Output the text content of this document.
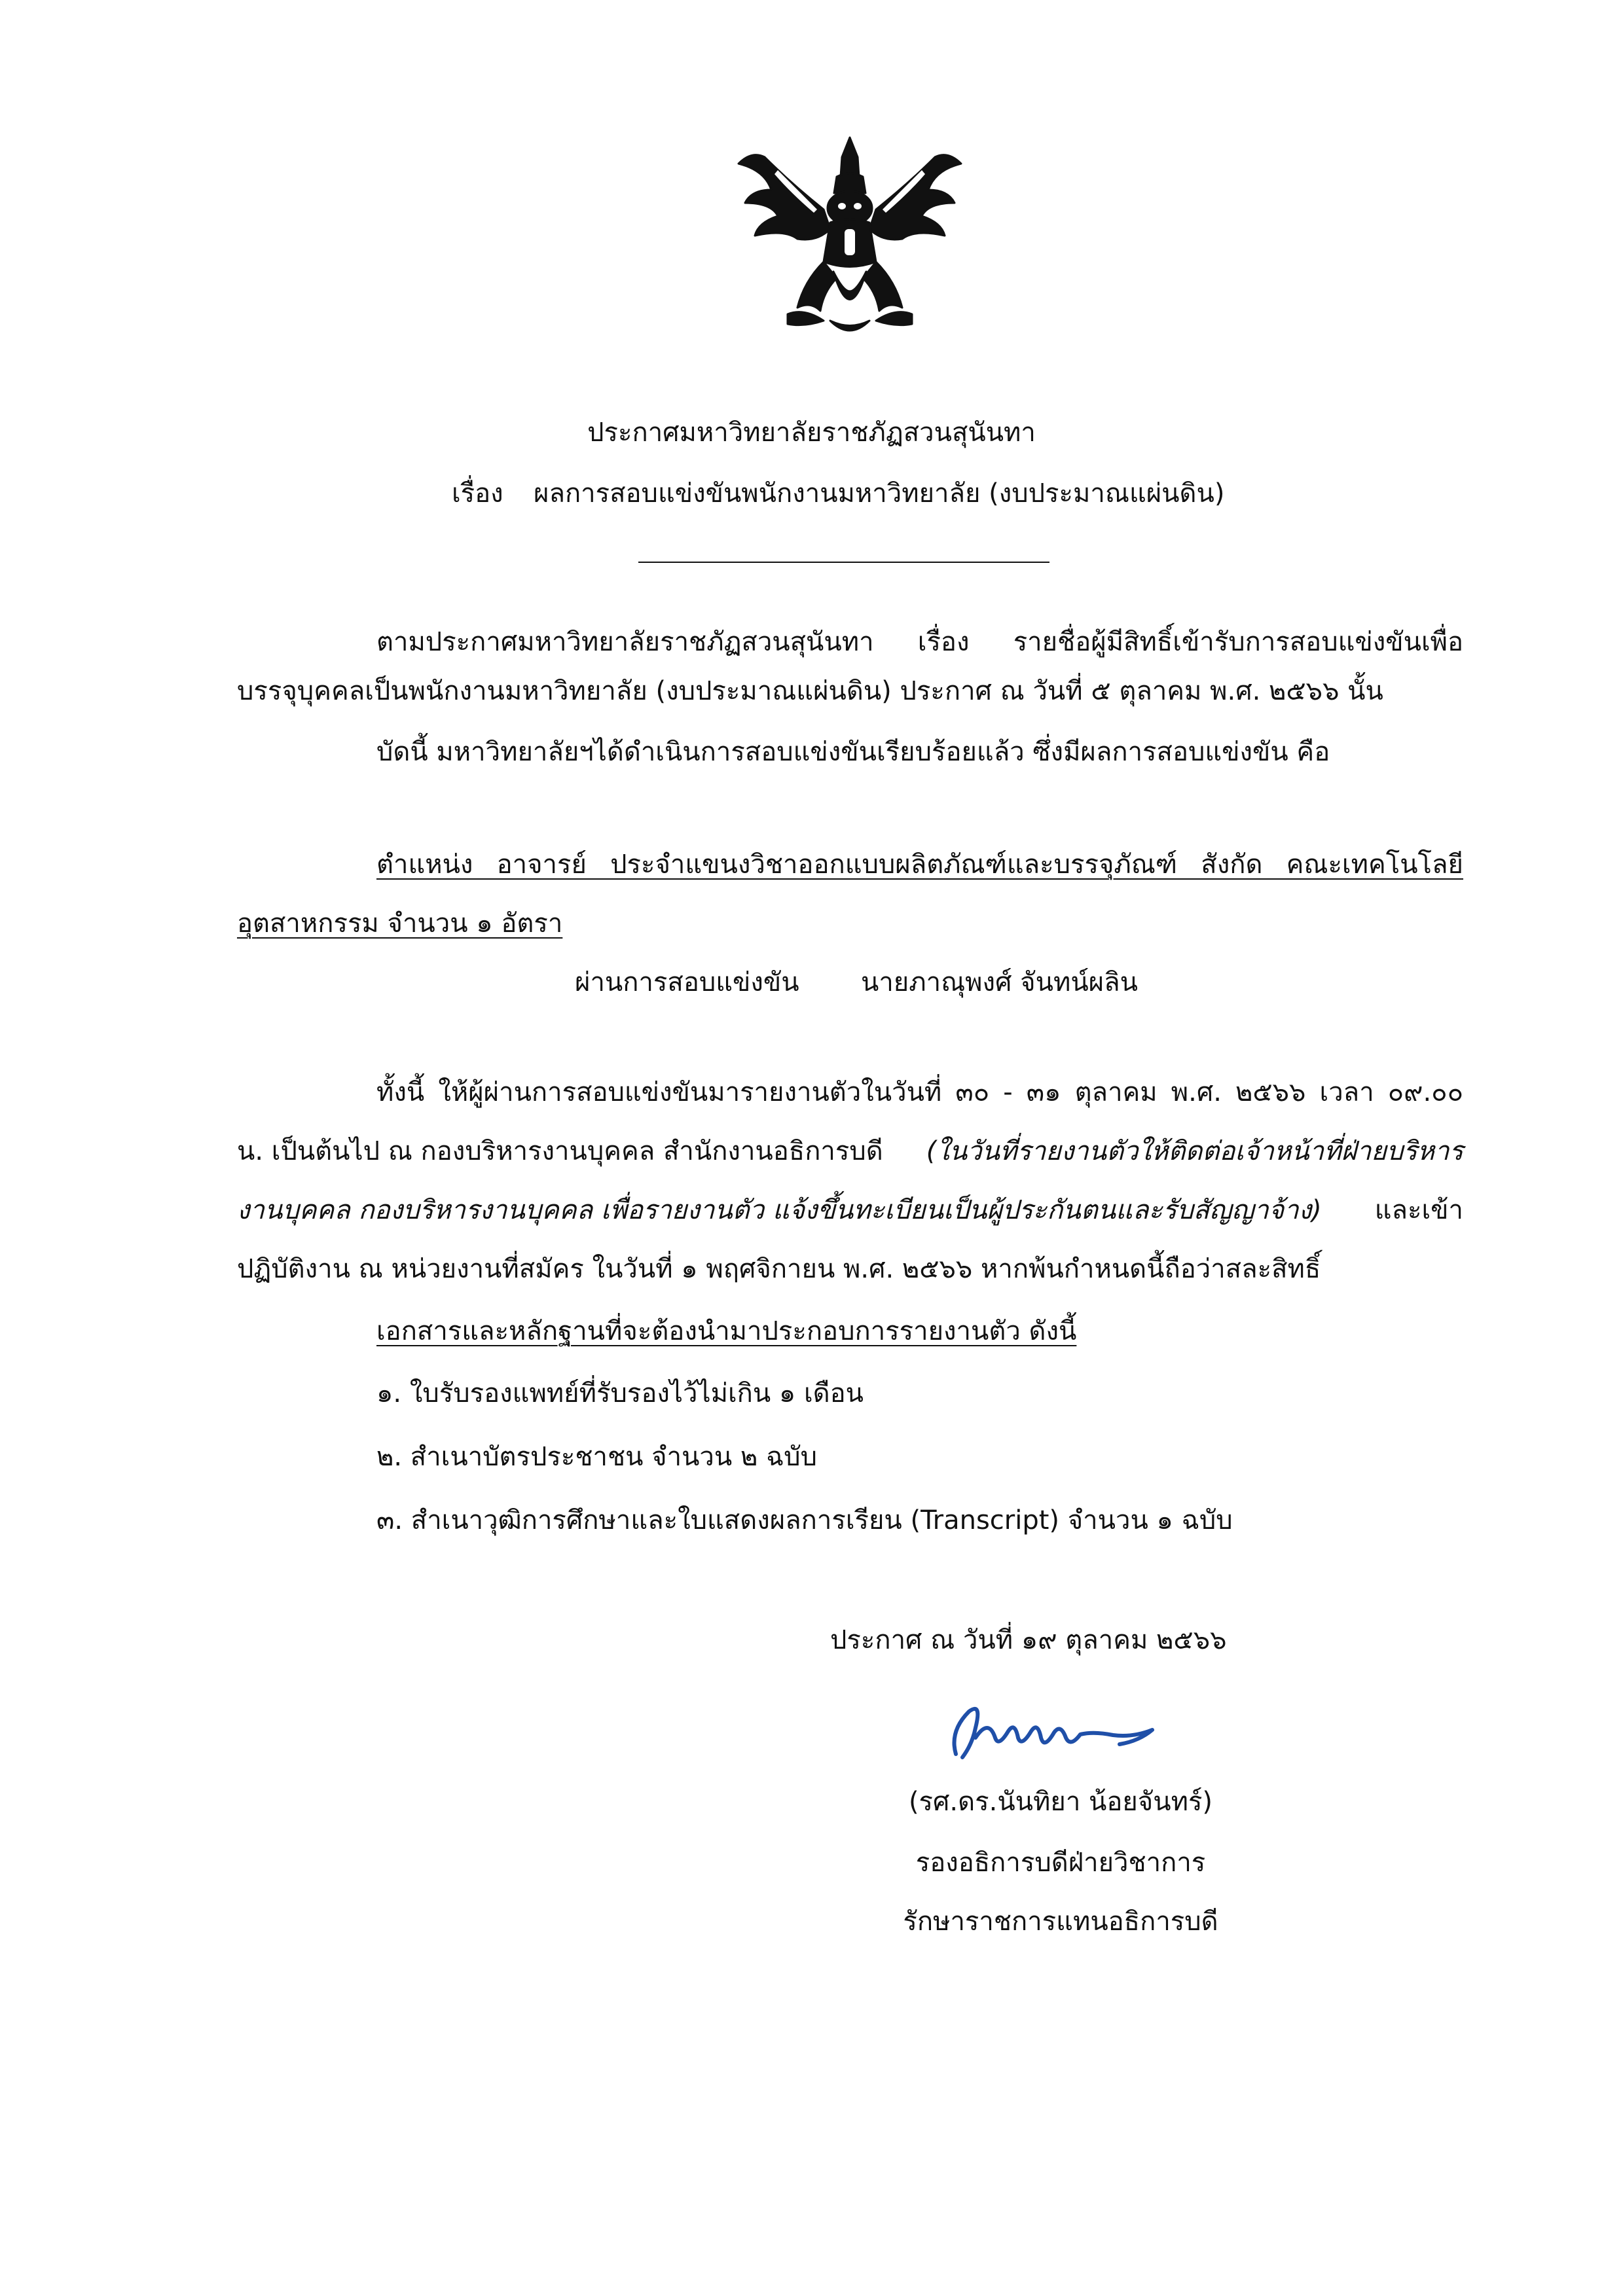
ประกาศมหาวิทยาลัยราชภัฏสวนสุนันทา
เรื่อง ผลการสอบแข่งขันพนักงานมหาวิทยาลัย (งบประมาณแผ่นดิน)
ตามประกาศมหาวิทยาลัยราชภัฏสวนสุนันทา เรื่อง รายชื่อผู้มีสิทธิ์เข้ารับการสอบแข่งขันเพื่อ
บรรจุบุคคลเป็นพนักงานมหาวิทยาลัย (งบประมาณแผ่นดิน) ประกาศ ณ วันที่ ๕ ตุลาคม พ.ศ. ๒๕๖๖ นั้น
บัดนี้ มหาวิทยาลัยฯได้ดำเนินการสอบแข่งขันเรียบร้อยแล้ว ซึ่งมีผลการสอบแข่งขัน คือ
ตำแหน่ง อาจารย์ ประจำแขนงวิชาออกแบบผลิตภัณฑ์และบรรจุภัณฑ์ สังกัด คณะเทคโนโลยี
อุตสาหกรรม จำนวน ๑ อัตรา
ผ่านการสอบแข่งขัน นายภาณุพงศ์ จันทน์ผลิน
ทั้งนี้ ให้ผู้ผ่านการสอบแข่งขันมารายงานตัวในวันที่ ๓๐ - ๓๑ ตุลาคม พ.ศ. ๒๕๖๖ เวลา ๐๙.๐๐
น. เป็นต้นไป ณ กองบริหารงานบุคคล สำนักงานอธิการบดี (ในวันที่รายงานตัวให้ติดต่อเจ้าหน้าที่ฝ่ายบริหาร
งานบุคคล กองบริหารงานบุคคล เพื่อรายงานตัว แจ้งขึ้นทะเบียนเป็นผู้ประกันตนและรับสัญญาจ้าง) และเข้า
ปฏิบัติงาน ณ หน่วยงานที่สมัคร ในวันที่ ๑ พฤศจิกายน พ.ศ. ๒๕๖๖ หากพ้นกำหนดนี้ถือว่าสละสิทธิ์
เอกสารและหลักฐานที่จะต้องนำมาประกอบการรายงานตัว ดังนี้
๑. ใบรับรองแพทย์ที่รับรองไว้ไม่เกิน ๑ เดือน
๒. สำเนาบัตรประชาชน จำนวน ๒ ฉบับ
๓. สำเนาวุฒิการศึกษาและใบแสดงผลการเรียน (Transcript) จำนวน ๑ ฉบับ
ประกาศ ณ วันที่ ๑๙ ตุลาคม ๒๕๖๖
(รศ.ดร.นันทิยา น้อยจันทร์)
รองอธิการบดีฝ่ายวิชาการ
รักษาราชการแทนอธิการบดี
